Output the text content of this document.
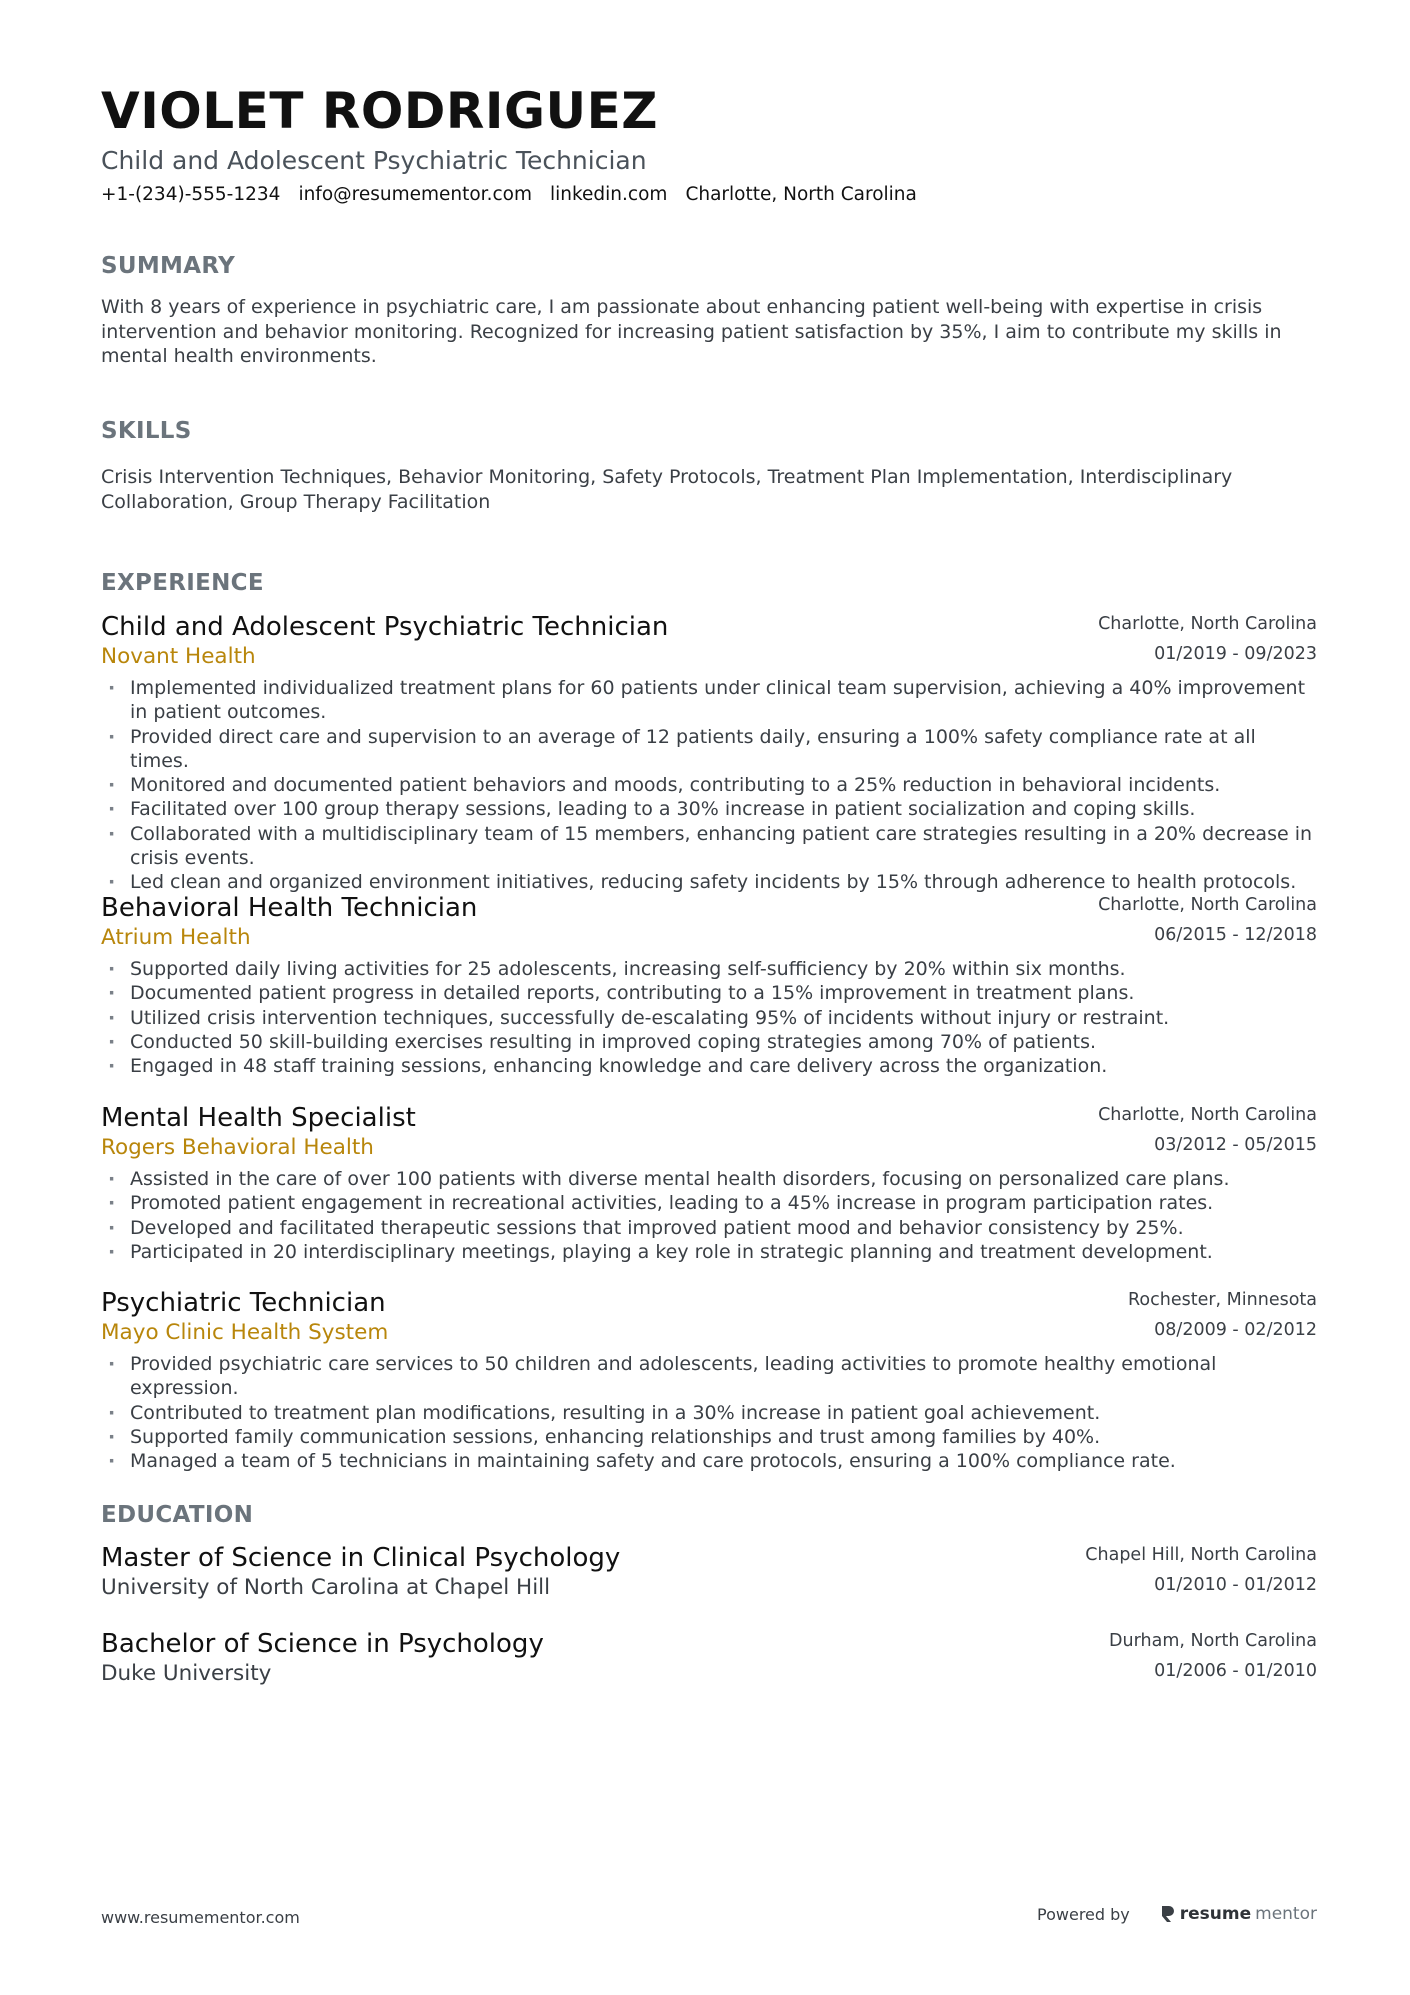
VIOLET RODRIGUEZ
Child and Adolescent Psychiatric Technician
+1-(234)-555-1234 info@resumementor.com linkedin.com Charlotte, North Carolina
SUMMARY
With 8 years of experience in psychiatric care, I am passionate about enhancing patient well-being with expertise in crisis intervention and behavior monitoring. Recognized for increasing patient satisfaction by 35%, I aim to contribute my skills in mental health environments.
SKILLS
Crisis Intervention Techniques, Behavior Monitoring, Safety Protocols, Treatment Plan Implementation, Interdisciplinary Collaboration, Group Therapy Facilitation
EXPERIENCE
Child and Adolescent Psychiatric Technician
Novant Health
Charlotte, North Carolina
01/2019 - 09/2023
· Implemented individualized treatment plans for 60 patients under clinical team supervision, achieving a 40% improvement in patient outcomes.
· Provided direct care and supervision to an average of 12 patients daily, ensuring a 100% safety compliance rate at all times.
· Monitored and documented patient behaviors and moods, contributing to a 25% reduction in behavioral incidents.
· Facilitated over 100 group therapy sessions, leading to a 30% increase in patient socialization and coping skills.
· Collaborated with a multidisciplinary team of 15 members, enhancing patient care strategies resulting in a 20% decrease in crisis events.
· Led clean and organized environment initiatives, reducing safety incidents by 15% through adherence to health protocols.
Behavioral Health Technician
Atrium Health
Charlotte, North Carolina
06/2015 - 12/2018
· Supported daily living activities for 25 adolescents, increasing self-sufficiency by 20% within six months.
· Documented patient progress in detailed reports, contributing to a 15% improvement in treatment plans.
· Utilized crisis intervention techniques, successfully de-escalating 95% of incidents without injury or restraint.
· Conducted 50 skill-building exercises resulting in improved coping strategies among 70% of patients.
· Engaged in 48 staff training sessions, enhancing knowledge and care delivery across the organization.
Mental Health Specialist
Rogers Behavioral Health
Charlotte, North Carolina
03/2012 - 05/2015
· Assisted in the care of over 100 patients with diverse mental health disorders, focusing on personalized care plans.
· Promoted patient engagement in recreational activities, leading to a 45% increase in program participation rates.
· Developed and facilitated therapeutic sessions that improved patient mood and behavior consistency by 25%.
· Participated in 20 interdisciplinary meetings, playing a key role in strategic planning and treatment development.
Psychiatric Technician
Mayo Clinic Health System
Rochester, Minnesota
08/2009 - 02/2012
· Provided psychiatric care services to 50 children and adolescents, leading activities to promote healthy emotional expression.
· Contributed to treatment plan modifications, resulting in a 30% increase in patient goal achievement.
· Supported family communication sessions, enhancing relationships and trust among families by 40%.
· Managed a team of 5 technicians in maintaining safety and care protocols, ensuring a 100% compliance rate.
EDUCATION
Master of Science in Clinical Psychology
University of North Carolina at Chapel Hill
Chapel Hill, North Carolina
01/2010 - 01/2012
Bachelor of Science in Psychology
Duke University
Durham, North Carolina
01/2006 - 01/2010
www.resumementor.com	Powered by	resume mentor
